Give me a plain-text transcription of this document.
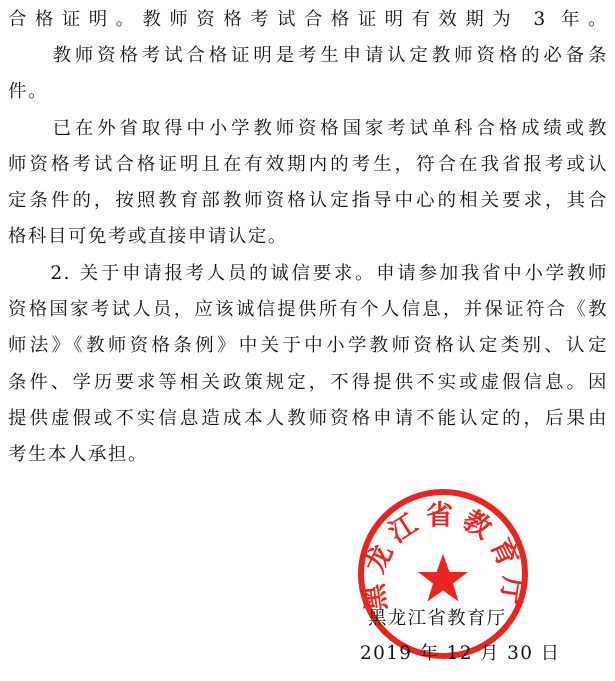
合格证明。教师资格考试合格证明有效期为 3 年。
　　教师资格考试合格证明是考生申请认定教师资格的必备条
件。
　　已在外省取得中小学教师资格国家考试单科合格成绩或教
师资格考试合格证明且在有效期内的考生，符合在我省报考或认
定条件的，按照教育部教师资格认定指导中心的相关要求，其合
格科目可免考或直接申请认定。
　　2. 关于申请报考人员的诚信要求。申请参加我省中小学教师
资格国家考试人员，应该诚信提供所有个人信息，并保证符合《教
师法》《教师资格条例》中关于中小学教师资格认定类别、认定
条件、学历要求等相关政策规定，不得提供不实或虚假信息。因
提供虚假或不实信息造成本人教师资格申请不能认定的，后果由
考生本人承担。
黑龙江省教育厅
黑龙江省教育厅
2019 年 12 月 30 日
